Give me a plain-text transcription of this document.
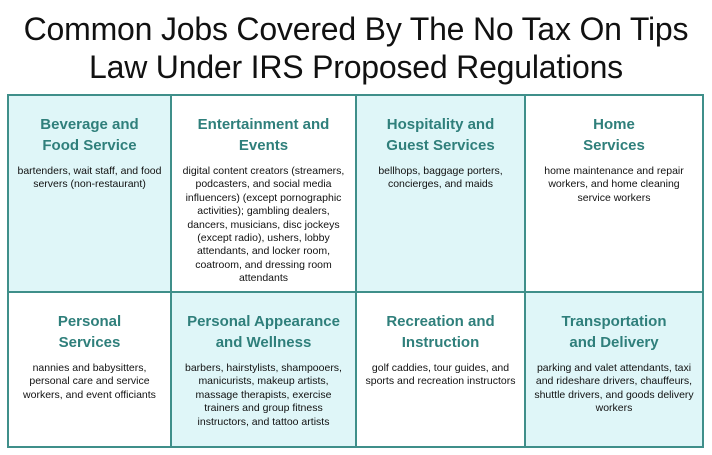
Common Jobs Covered By The No Tax On Tips
Law Under IRS Proposed Regulations
Beverage and
Food Service
bartenders, wait staff, and food servers (non-restaurant)
Entertainment and
Events
digital content creators (streamers, podcasters, and social media influencers) (except pornographic activities); gambling dealers, dancers, musicians, disc jockeys (except radio), ushers, lobby attendants, and locker room, coatroom, and dressing room attendants
Hospitality and
Guest Services
bellhops, baggage porters, concierges, and maids
Home
Services
home maintenance and repair workers, and home cleaning service workers
Personal
Services
nannies and babysitters, personal care and service workers, and event officiants
Personal Appearance
and Wellness
barbers, hairstylists, shampooers, manicurists, makeup artists, massage therapists, exercise trainers and group fitness instructors, and tattoo artists
Recreation and
Instruction
golf caddies, tour guides, and sports and recreation instructors
Transportation
and Delivery
parking and valet attendants, taxi and rideshare drivers, chauffeurs, shuttle drivers, and goods delivery workers
